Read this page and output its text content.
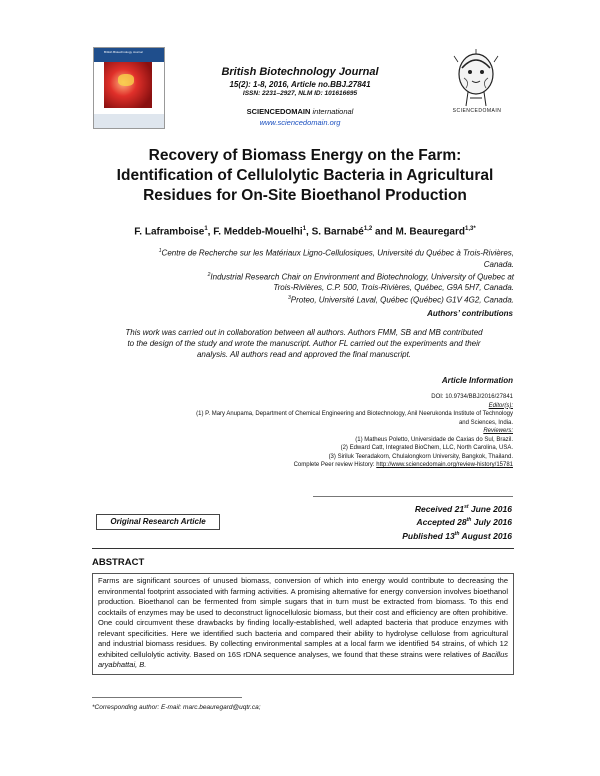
British Biotechnology Journal
SCIENCEDOMAIN
British Biotechnology Journal
15(2): 1-8, 2016, Article no.BBJ.27841
ISSN: 2231–2927, NLM ID: 101616695
SCIENCEDOMAIN international
www.sciencedomain.org
Recovery of Biomass Energy on the Farm:
Identification of Cellulolytic Bacteria in Agricultural
Residues for On-Site Bioethanol Production
F. Laframboise$^1$, F. Meddeb-Mouelhi$^1$, S. Barnabé$^{1,2}$ and M. Beauregard$^{1,3*}$
$^1$Centre de Recherche sur les Matériaux Ligno-Cellulosiques, Université du Québec à Trois-Rivières,
Canada.
$^2$Industrial Research Chair on Environment and Biotechnology, University of Quebec at
Trois-Rivières, C.P. 500, Trois-Rivières, Québec, G9A 5H7, Canada.
$^3$Proteo, Université Laval, Québec (Québec) G1V 4G2, Canada.
Authors’ contributions
This work was carried out in collaboration between all authors. Authors FMM, SB and MB contributed
to the design of the study and wrote the manuscript. Author FL carried out the experiments and their
analysis. All authors read and approved the final manuscript.
Article Information
DOI: 10.9734/BBJ/2016/27841
Editor(s):
(1) P. Mary Anupama, Department of Chemical Engineering and Biotechnology, Anil Neerukonda Institute of Technology
and Sciences, India.
Reviewers:
(1) Matheus Poletto, Universidade de Caxias do Sul, Brazil.
(2) Edward Catt, Integrated BioChem, LLC, North Carolina, USA.
(3) Siriluk Teeradakorn, Chulalongkorn University, Bangkok, Thailand.
Complete Peer review History: http://www.sciencedomain.org/review-history/15781
Received 21st June 2016
Accepted 28th July 2016
Published 13th August 2016
Original Research Article
ABSTRACT
Farms are significant sources of unused biomass, conversion of which into energy would contribute to decreasing the environmental footprint associated with farming activities. A promising alternative for energy conversion involves bioethanol production. Bioethanol can be fermented from simple sugars that in turn must be extracted from biomass. To this end cocktails of enzymes may be used to deconstruct lignocellulosic biomass, but their cost and efficiency are often prohibitive. One could circumvent these drawbacks by finding locally-established, well adapted bacteria that produce enzymes with relevant specificities. Here we identified such bacteria and compared their ability to hydrolyse cellulose from agricultural and industrial biomass residues. By collecting environmental samples at a local farm we identified 54 strains, of which 12 exhibited cellulolytic activity. Based on 16S rDNA sequence analyses, we found that these strains were relatives of Bacillus aryabhattai, B.
*Corresponding author: E-mail: marc.beauregard@uqtr.ca;
